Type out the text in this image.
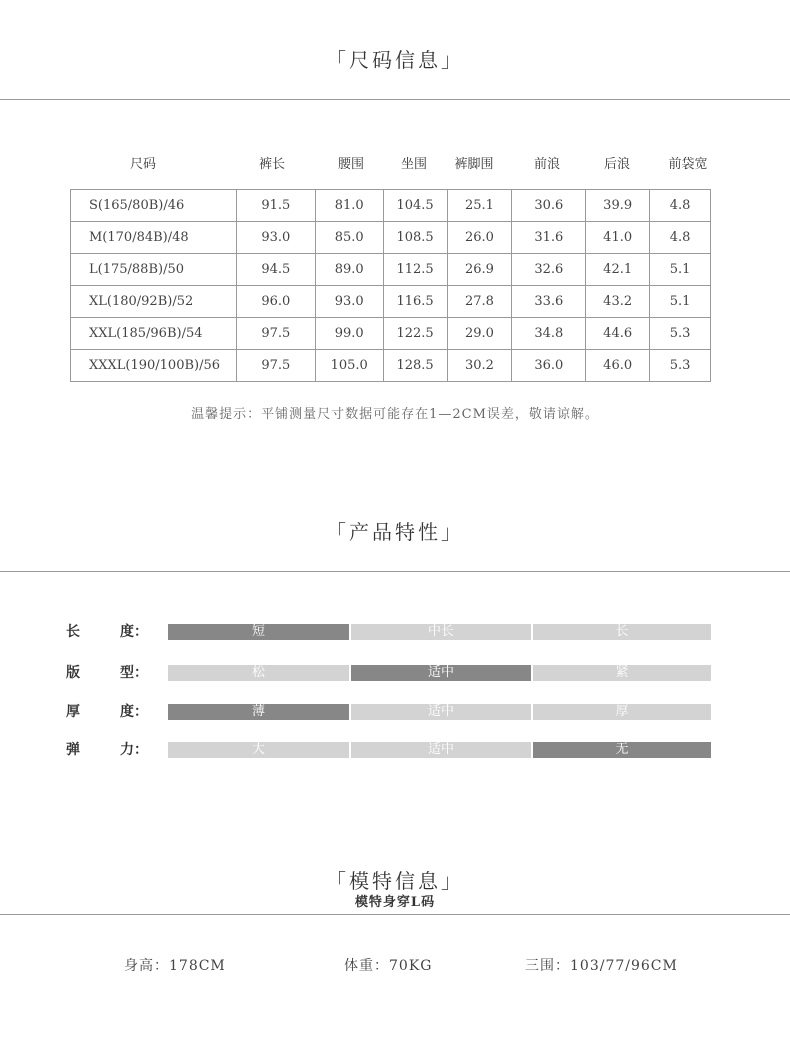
「尺码信息」
尺码	裤长	腰围	坐围	裤脚围	前浪	后浪	前袋宽
S(165/80B)/46	91.5	81.0	104.5	25.1	30.6	39.9	4.8
M(170/84B)/48	93.0	85.0	108.5	26.0	31.6	41.0	4.8
L(175/88B)/50	94.5	89.0	112.5	26.9	32.6	42.1	5.1
XL(180/92B)/52	96.0	93.0	116.5	27.8	33.6	43.2	5.1
XXL(185/96B)/54	97.5	99.0	122.5	29.0	34.8	44.6	5.3
XXXL(190/100B)/56	97.5	105.0	128.5	30.2	36.0	46.0	5.3
温馨提示：平铺测量尺寸数据可能存在1—2CM误差，敬请谅解。
「产品特性」
长	度：	短	中长	长
版	型：	松	适中	紧
厚	度：	薄	适中	厚
弹	力：	大	适中	无
「模特信息」
模特身穿L码
身高：178CM	体重：70KG	三围：103/77/96CM
